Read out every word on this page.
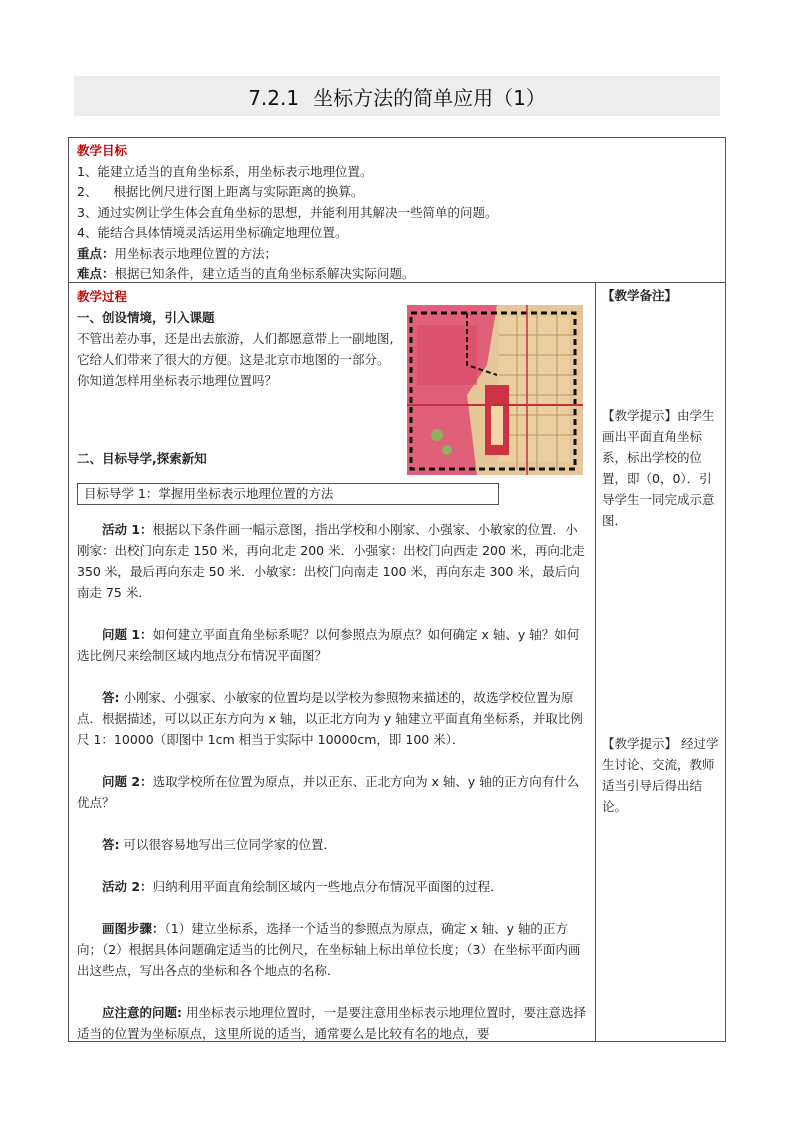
7.2.1 坐标方法的简单应用（1）
教学目标
1、能建立适当的直角坐标系，用坐标表示地理位置。
2、    根据比例尺进行图上距离与实际距离的换算。
3、通过实例让学生体会直角坐标的思想，并能利用其解决一些简单的问题。
4、能结合具体情境灵活运用坐标确定地理位置。
重点：用坐标表示地理位置的方法；
难点：根据已知条件，建立适当的直角坐标系解决实际问题。
教学过程
一、创设情境，引入课题
不管出差办事，还是出去旅游，人们都愿意带上一副地图,它给人们带来了很大的方便。这是北京市地图的一部分。
你知道怎样用坐标表示地理位置吗？
二、目标导学,探索新知
目标导学 1：掌握用坐标表示地理位置的方法

活动 1：根据以下条件画一幅示意图，指出学校和小刚家、小强家、小敏家的位置．小刚家：出校门向东走 150 米，再向北走 200 米．小强家：出校门向西走 200 米，再向北走 350 米，最后再向东走 50 米．小敏家：出校门向南走 100 米，再向东走 300 米，最后向南走 75 米．

问题 1：如何建立平面直角坐标系呢？以何参照点为原点？如何确定 x 轴、y 轴？如何选比例尺来绘制区域内地点分布情况平面图？

答: 小刚家、小强家、小敏家的位置均是以学校为参照物来描述的，故选学校位置为原点．根据描述，可以以正东方向为 x 轴，以正北方向为 y 轴建立平面直角坐标系，并取比例尺 1：10000（即图中 1cm 相当于实际中 10000cm，即 100 米）．

问题 2：选取学校所在位置为原点，并以正东、正北方向为 x 轴、y 轴的正方向有什么优点？

答: 可以很容易地写出三位同学家的位置．

活动 2：归纳利用平面直角绘制区域内一些地点分布情况平面图的过程．

画图步骤：（1）建立坐标系，选择一个适当的参照点为原点，确定 x 轴、y 轴的正方向；（2）根据具体问题确定适当的比例尺，在坐标轴上标出单位长度；（3）在坐标平面内画出这些点，写出各点的坐标和各个地点的名称．

应注意的问题: 用坐标表示地理位置时，一是要注意用坐标表示地理位置时，要注意选择适当的位置为坐标原点，这里所说的适当，通常要么是比较有名的地点，要

【教学备注】
【教学提示】由学生画出平面直角坐标系，标出学校的位置，即（0，0）．引导学生一同完成示意图．
【教学提示】 经过学生讨论、交流，教师适当引导后得出结论。
